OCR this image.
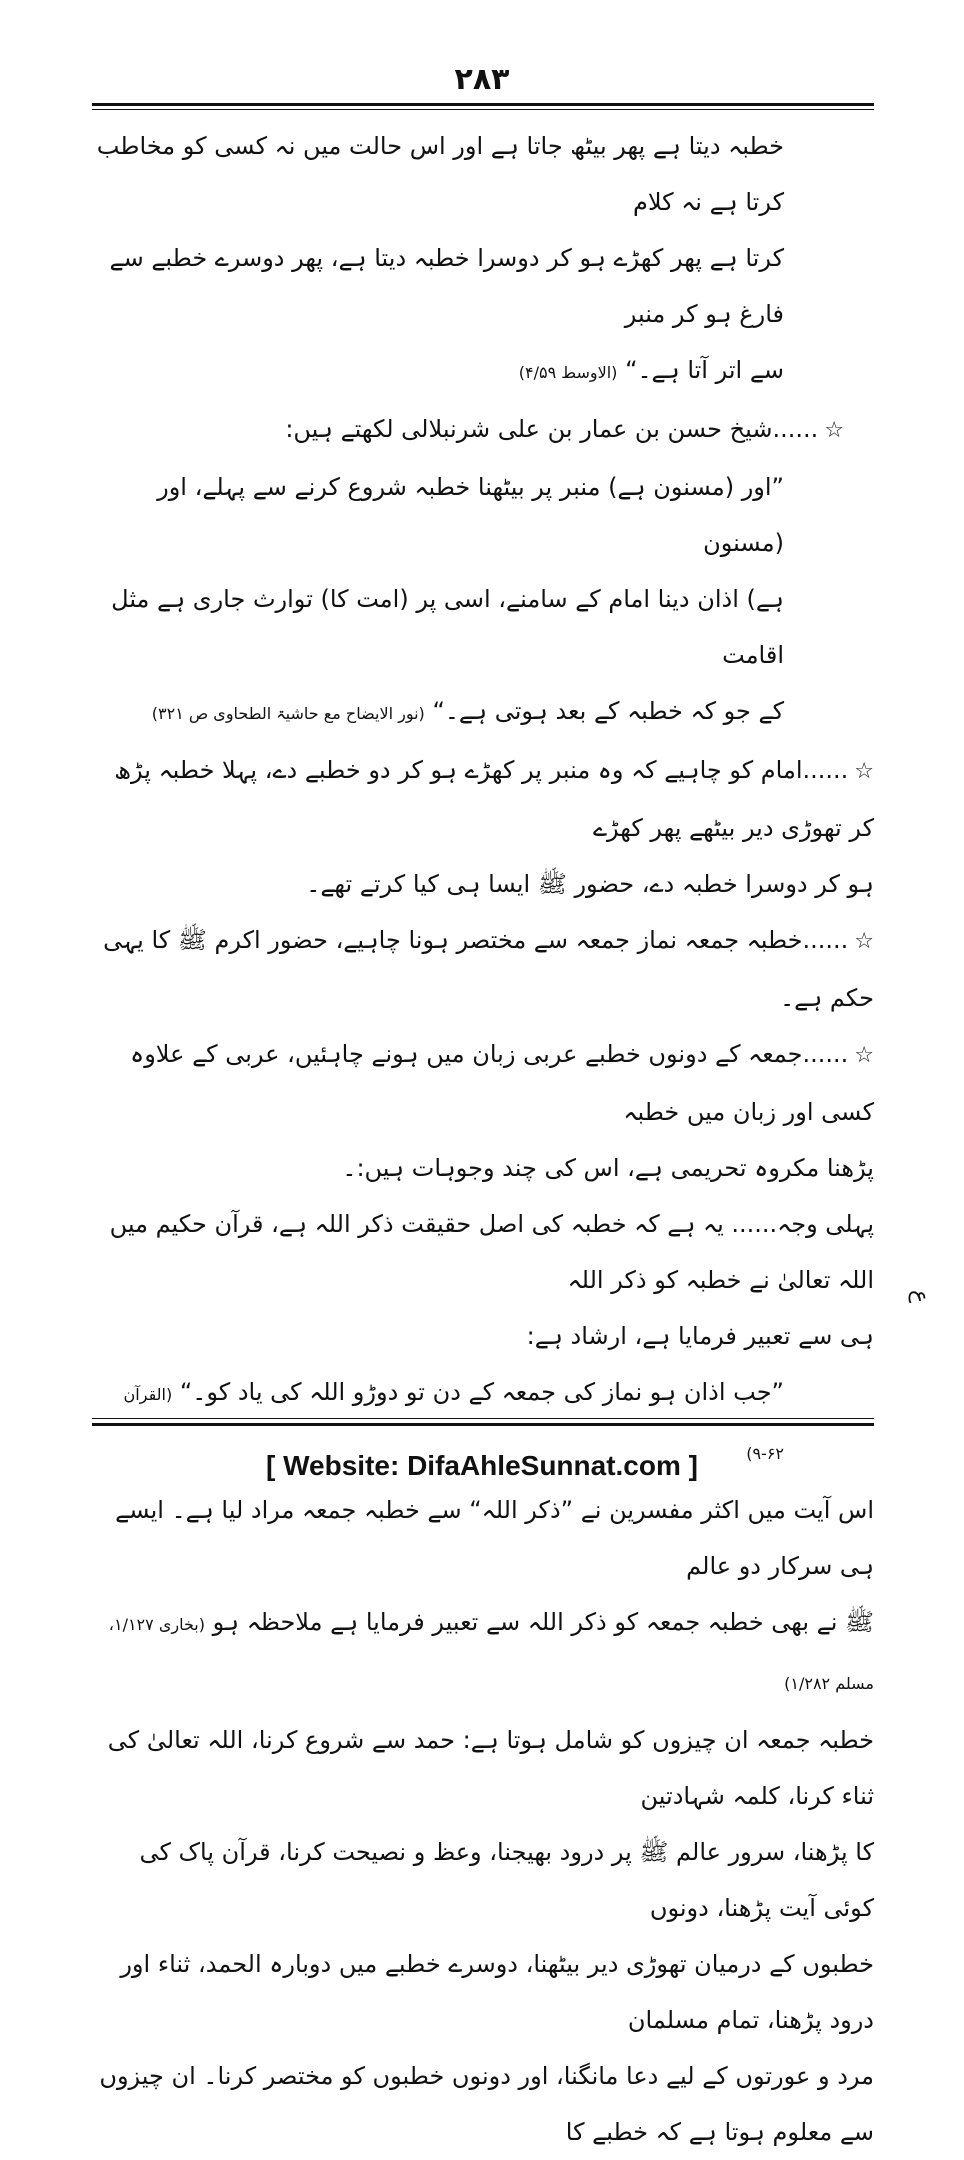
۲۸۳

خطبہ دیتا ہے پھر بیٹھ جاتا ہے اور اس حالت میں نہ کسی کو مخاطب کرتا ہے نہ کلام

کرتا ہے پھر کھڑے ہو کر دوسرا خطبہ دیتا ہے، پھر دوسرے خطبے سے فارغ ہو کر منبر

سے اتر آتا ہے۔“ (الاوسط ۴/۵۹)

☆......شیخ حسن بن عمار بن علی شرنبلالی لکھتے ہیں:

”اور (مسنون ہے) منبر پر بیٹھنا خطبہ شروع کرنے سے پہلے، اور (مسنون

ہے) اذان دینا امام کے سامنے، اسی پر (امت کا) توارث جاری ہے مثل اقامت

کے جو کہ خطبہ کے بعد ہوتی ہے۔“ (نور الایضاح مع حاشیۃ الطحاوی ص ۳۲۱)

☆......امام کو چاہیے کہ وہ منبر پر کھڑے ہو کر دو خطبے دے، پہلا خطبہ پڑھ کر تھوڑی دیر بیٹھے پھر کھڑے

ہو کر دوسرا خطبہ دے، حضور ﷺ ایسا ہی کیا کرتے تھے۔

☆......خطبہ جمعہ نماز جمعہ سے مختصر ہونا چاہیے، حضور اکرم ﷺ کا یہی حکم ہے۔

☆......جمعہ کے دونوں خطبے عربی زبان میں ہونے چاہئیں، عربی کے علاوہ کسی اور زبان میں خطبہ

پڑھنا مکروہ تحریمی ہے، اس کی چند وجوہات ہیں:۔

پہلی وجہ...... یہ ہے کہ خطبہ کی اصل حقیقت ذکر اللہ ہے، قرآن حکیم میں اللہ تعالیٰ نے خطبہ کو ذکر اللہ

ہی سے تعبیر فرمایا ہے، ارشاد ہے:

”جب اذان ہو نماز کی جمعہ کے دن تو دوڑو اللہ کی یاد کو۔“ (القرآن ۶۲-۹)

اس آیت میں اکثر مفسرین نے ”ذکر اللہ“ سے خطبہ جمعہ مراد لیا ہے۔ ایسے ہی سرکار دو عالم

ﷺ نے بھی خطبہ جمعہ کو ذکر اللہ سے تعبیر فرمایا ہے ملاحظہ ہو (بخاری ۱/۱۲۷، مسلم ۱/۲۸۲)

خطبہ جمعہ ان چیزوں کو شامل ہوتا ہے: حمد سے شروع کرنا، اللہ تعالیٰ کی ثناء کرنا، کلمہ شہادتین

کا پڑھنا، سرور عالم ﷺ پر درود بھیجنا، وعظ و نصیحت کرنا، قرآن پاک کی کوئی آیت پڑھنا، دونوں

خطبوں کے درمیان تھوڑی دیر بیٹھنا، دوسرے خطبے میں دوبارہ الحمد، ثناء اور درود پڑھنا، تمام مسلمان

مرد و عورتوں کے لیے دعا مانگنا، اور دونوں خطبوں کو مختصر کرنا۔ ان چیزوں سے معلوم ہوتا ہے کہ خطبے کا

ع
[ Website: DifaAhleSunnat.com ]
